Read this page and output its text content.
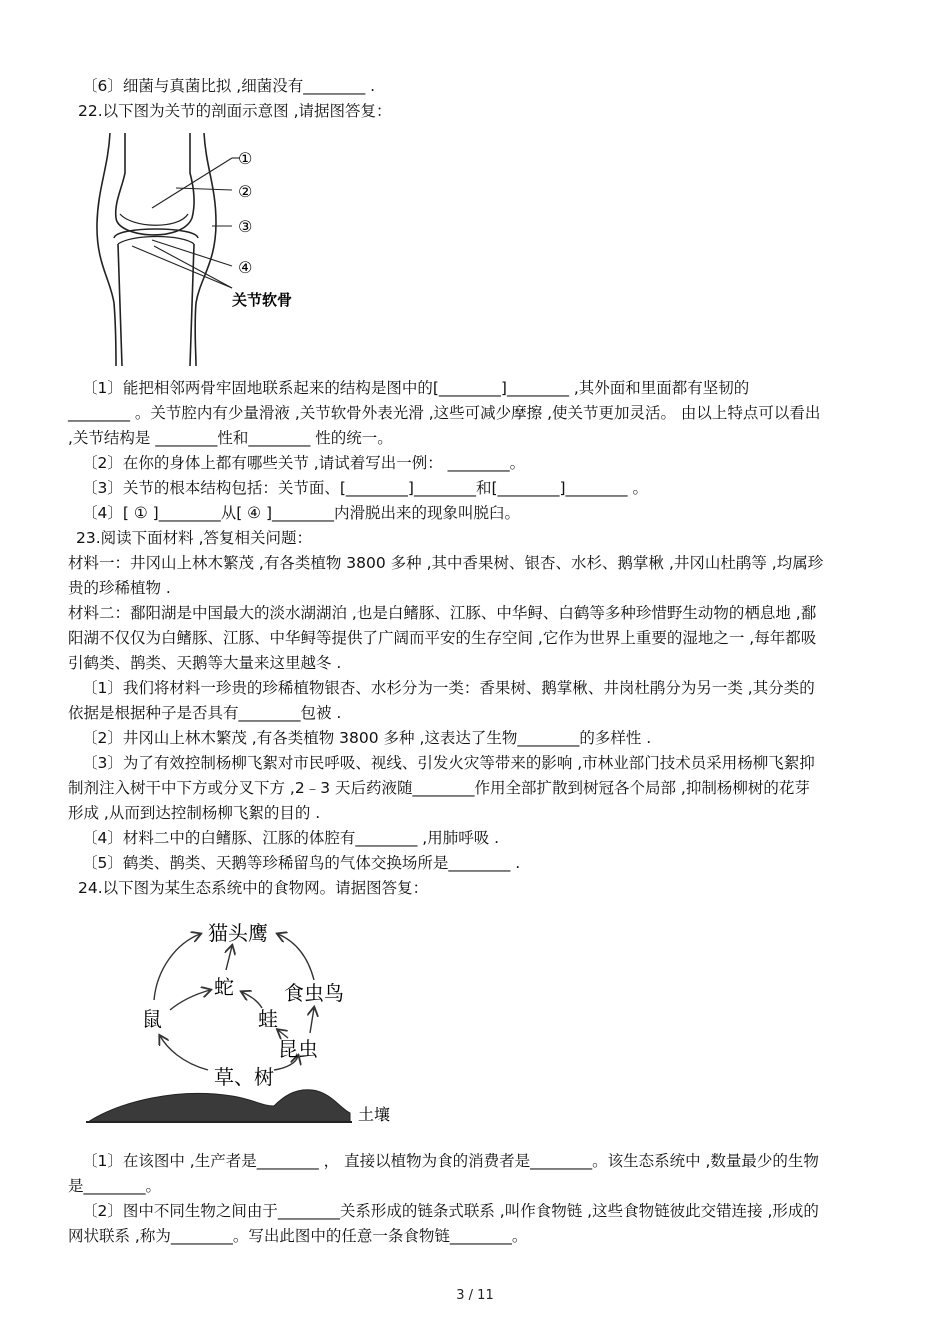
〔6〕细菌与真菌比拟 ,细菌没有________ .
22.以下图为关节的剖面示意图 ,请据图答复：
①
②
③
④
关节软骨
〔1〕能把相邻两骨牢固地联系起来的结构是图中的[________]________ ,其外面和里面都有坚韧的
________ 。关节腔内有少量滑液 ,关节软骨外表光滑 ,这些可减少摩擦 ,使关节更加灵活。 由以上特点可以看出
,关节结构是 ________性和________ 性的统一。
〔2〕在你的身体上都有哪些关节 ,请试着写出一例： ________。
〔3〕关节的根本结构包括：关节面、[________]________和[________]________ 。
〔4〕[ ① ]________从[ ④ ]________内滑脱出来的现象叫脱臼。
23.阅读下面材料 ,答复相关问题：
材料一：井冈山上林木繁茂 ,有各类植物 3800 多种 ,其中香果树、银杏、水杉、鹅掌楸 ,井冈山杜鹃等 ,均属珍
贵的珍稀植物 .
材料二：鄱阳湖是中国最大的淡水湖湖泊 ,也是白鳍豚、江豚、中华鲟、白鹤等多种珍惜野生动物的栖息地 ,鄱
阳湖不仅仅为白鳍豚、江豚、中华鲟等提供了广阔而平安的生存空间 ,它作为世界上重要的湿地之一 ,每年都吸
引鹤类、鹊类、天鹅等大量来这里越冬 .
〔1〕我们将材料一珍贵的珍稀植物银杏、水杉分为一类：香果树、鹅掌楸、井岗杜鹃分为另一类 ,其分类的
依据是根据种子是否具有________包被 .
〔2〕井冈山上林木繁茂 ,有各类植物 3800 多种 ,这表达了生物________的多样性 .
〔3〕为了有效控制杨柳飞絮对市民呼吸、视线、引发火灾等带来的影响 ,市林业部门技术员采用杨柳飞絮抑
制剂注入树干中下方或分叉下方 ,2﹣3 天后药液随________作用全部扩散到树冠各个局部 ,抑制杨柳树的花芽
形成 ,从而到达控制杨柳飞絮的目的 .
〔4〕材料二中的白鳍豚、江豚的体腔有________ ,用肺呼吸 .
〔5〕鹤类、鹊类、天鹅等珍稀留鸟的气体交换场所是________ .
24.以下图为某生态系统中的食物网。请据图答复：
猫头鹰
蛇	食虫鸟
鼠	蛙
昆虫
草、树
土壤
〔1〕在该图中 ,生产者是________ ， 直接以植物为食的消费者是________。该生态系统中 ,数量最少的生物
是________。
〔2〕图中不同生物之间由于________关系形成的链条式联系 ,叫作食物链 ,这些食物链彼此交错连接 ,形成的
网状联系 ,称为________。写出此图中的任意一条食物链________。
3 / 11
